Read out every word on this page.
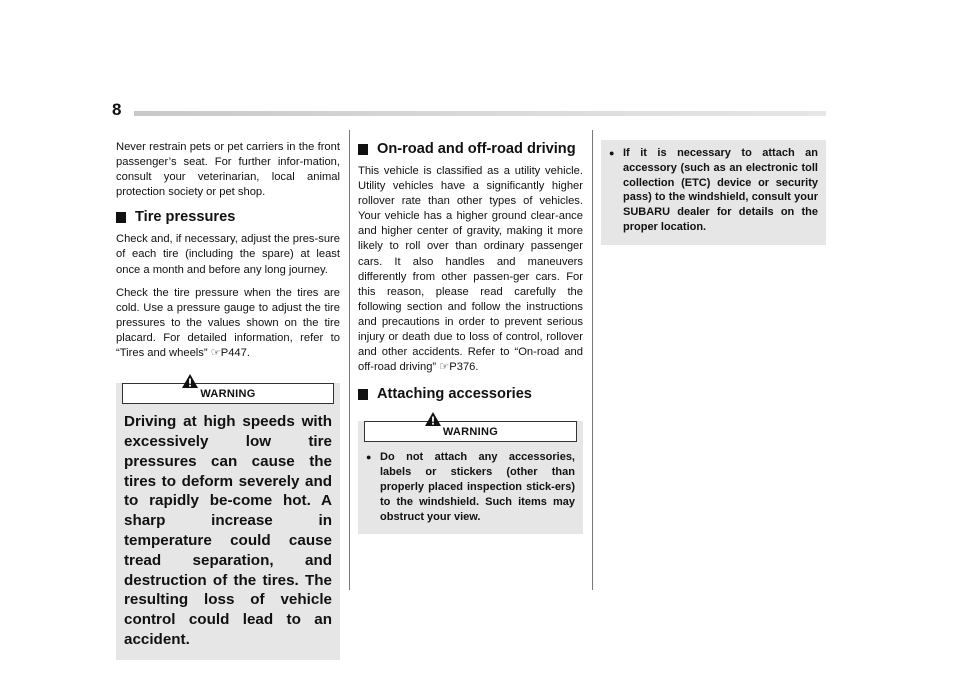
8

Never restrain pets or pet carriers in the front passenger’s seat. For further infor-mation, consult your veterinarian, local animal protection society or pet shop.

Tire pressures

Check and, if necessary, adjust the pres-sure of each tire (including the spare) at least once a month and before any long journey.

Check the tire pressure when the tires are cold. Use a pressure gauge to adjust the tire pressures to the values shown on the tire placard. For detailed information, refer to “Tires and wheels” ☞P447.

WARNING
Driving at high speeds with excessively low tire pressures can cause the tires to deform severely and to rapidly be-come hot. A sharp increase in temperature could cause tread separation, and destruction of the tires. The resulting loss of vehicle control could lead to an accident.
On-road and off-road driving

This vehicle is classified as a utility vehicle. Utility vehicles have a significantly higher rollover rate than other types of vehicles. Your vehicle has a higher ground clear-ance and higher center of gravity, making it more likely to roll over than ordinary passenger cars. It also handles and maneuvers differently from other passen-ger cars. For this reason, please read carefully the following section and follow the instructions and precautions in order to prevent serious injury or death due to loss of control, rollover and other accidents. Refer to “On-road and off-road driving” ☞P376.

Attaching accessories
WARNING
● Do not attach any accessories, labels or stickers (other than properly placed inspection stick-ers) to the windshield. Such items may obstruct your view.
● If it is necessary to attach an accessory (such as an electronic toll collection (ETC) device or security pass) to the windshield, consult your SUBARU dealer for details on the proper location.
